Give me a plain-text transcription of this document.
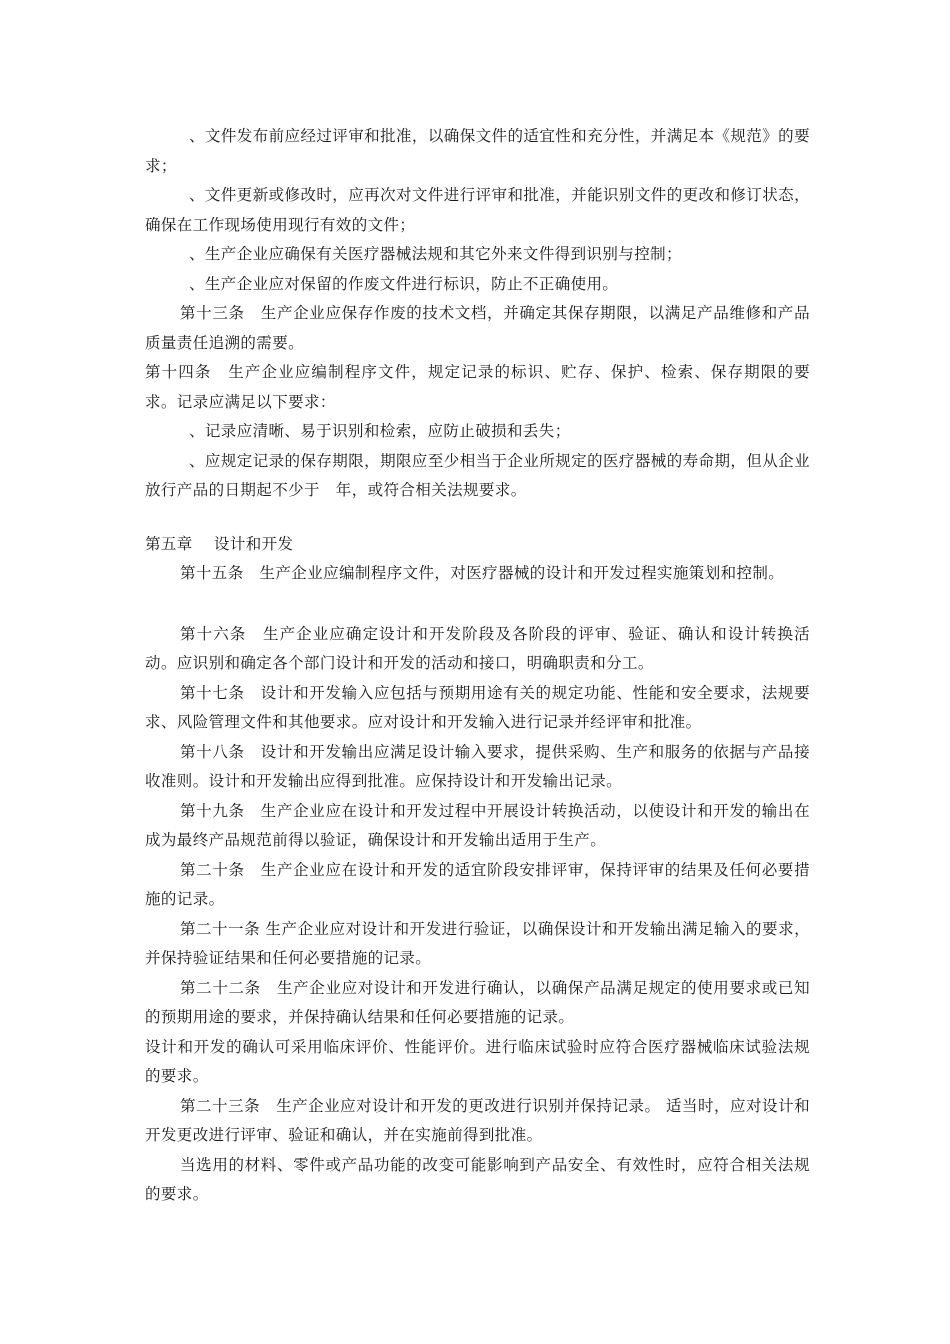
、文件发布前应经过评审和批准，以确保文件的适宜性和充分性，并满足本《规范》的要求；

、文件更新或修改时，应再次对文件进行评审和批准，并能识别文件的更改和修订状态，确保在工作现场使用现行有效的文件；

、生产企业应确保有关医疗器械法规和其它外来文件得到识别与控制；

、生产企业应对保留的作废文件进行标识，防止不正确使用。

第十三条　生产企业应保存作废的技术文档，并确定其保存期限，以满足产品维修和产品质量责任追溯的需要。

第十四条　生产企业应编制程序文件，规定记录的标识、贮存、保护、检索、保存期限的要求。记录应满足以下要求：

、记录应清晰、易于识别和检索，应防止破损和丢失；

、应规定记录的保存期限，期限应至少相当于企业所规定的医疗器械的寿命期，但从企业放行产品的日期起不少于　年，或符合相关法规要求。

第五章　 设计和开发

第十五条　生产企业应编制程序文件，对医疗器械的设计和开发过程实施策划和控制。

第十六条　生产企业应确定设计和开发阶段及各阶段的评审、验证、确认和设计转换活动。应识别和确定各个部门设计和开发的活动和接口，明确职责和分工。

第十七条　设计和开发输入应包括与预期用途有关的规定功能、性能和安全要求，法规要求、风险管理文件和其他要求。应对设计和开发输入进行记录并经评审和批准。

第十八条　设计和开发输出应满足设计输入要求，提供采购、生产和服务的依据与产品接收准则。设计和开发输出应得到批准。应保持设计和开发输出记录。

第十九条　生产企业应在设计和开发过程中开展设计转换活动，以使设计和开发的输出在成为最终产品规范前得以验证，确保设计和开发输出适用于生产。

第二十条　生产企业应在设计和开发的适宜阶段安排评审，保持评审的结果及任何必要措施的记录。

第二十一条 生产企业应对设计和开发进行验证，以确保设计和开发输出满足输入的要求，并保持验证结果和任何必要措施的记录。

第二十二条　生产企业应对设计和开发进行确认，以确保产品满足规定的使用要求或已知的预期用途的要求，并保持确认结果和任何必要措施的记录。

设计和开发的确认可采用临床评价、性能评价。进行临床试验时应符合医疗器械临床试验法规的要求。

第二十三条　生产企业应对设计和开发的更改进行识别并保持记录。 适当时，应对设计和开发更改进行评审、验证和确认，并在实施前得到批准。

当选用的材料、零件或产品功能的改变可能影响到产品安全、有效性时，应符合相关法规的要求。
